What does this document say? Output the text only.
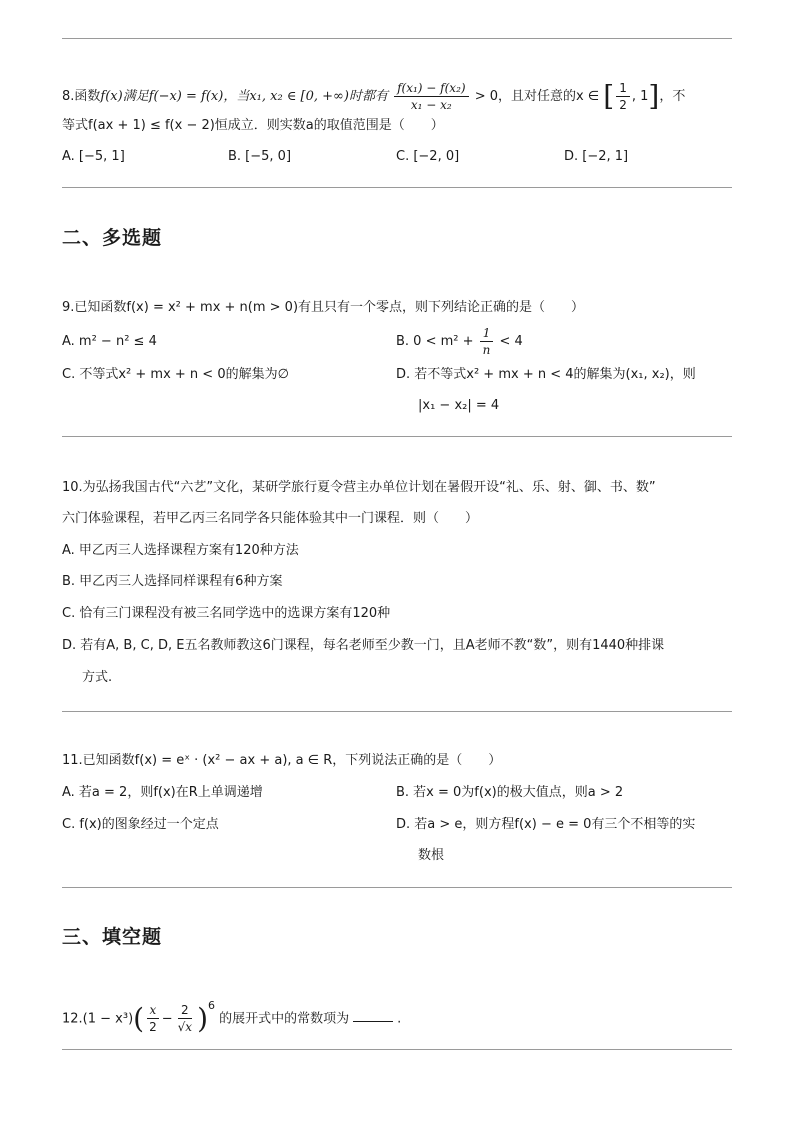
8.函数f(x)满足f(−x) = f(x)，当x₁, x₂ ∈ [0, +∞)时都有 $\frac{\text{f(x₁) − f(x₂)}}{\text{x₁ − x₂}} > 0$，且对任意的x ∈ [ $\frac{1}{2}$ , 1]，不
等式f(ax + 1) ≤ f(x − 2)恒成立．则实数a的取值范围是（　　）
A. [−5, 1]	B. [−5, 0]	C. [−2, 0]	D. [−2, 1]
二、多选题
9.已知函数f(x) = x² + mx + n(m > 0)有且只有一个零点，则下列结论正确的是（　　）
A. m² − n² ≤ 4	B. $0 < m^2 + \frac{1}{n} < 4$
C. 不等式x² + mx + n < 0的解集为∅	D. 若不等式x² + mx + n < 4的解集为(x₁, x₂)，则
|x₁ − x₂| = 4
10.为弘扬我国古代“六艺”文化，某研学旅行夏令营主办单位计划在暑假开设“礼、乐、射、御、书、数”
六门体验课程，若甲乙丙三名同学各只能体验其中一门课程．则（　　）
A. 甲乙丙三人选择课程方案有120种方法
B. 甲乙丙三人选择同样课程有6种方案
C. 恰有三门课程没有被三名同学选中的选课方案有120种
D. 若有A, B, C, D, E五名教师教这6门课程，每名老师至少教一门，且A老师不教“数”，则有1440种排课
方式.
11.已知函数f(x) = eˣ · (x² − ax + a), a ∈ R，下列说法正确的是（　　）
A. 若a = 2，则f(x)在R上单调递增	B. 若x = 0为f(x)的极大值点，则a > 2
C. f(x)的图象经过一个定点	D. 若a > e，则方程f(x) − e = 0有三个不相等的实
数根
三、填空题
$12.(1 - x^3)( \frac{x}{2} - \frac{2}{√x} )^6$ 的展开式中的常数项为	.
